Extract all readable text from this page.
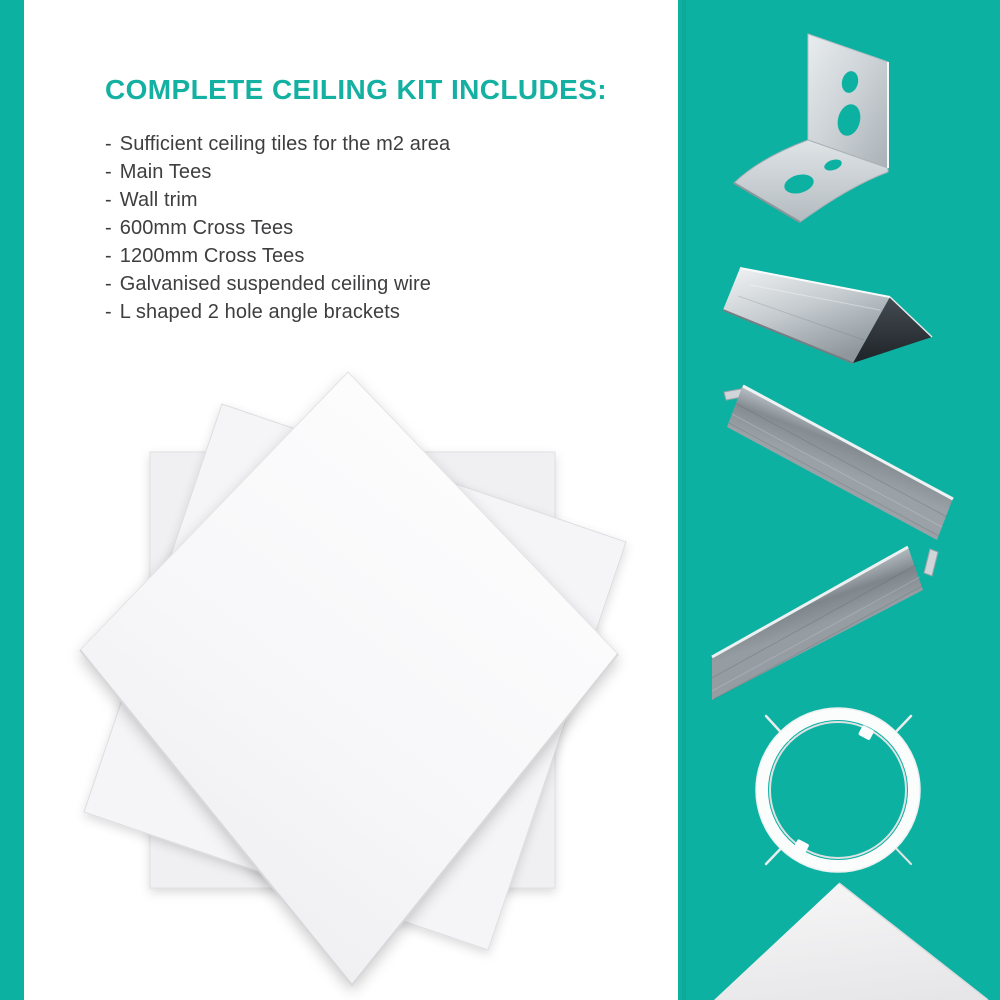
COMPLETE CEILING KIT INCLUDES:
- Sufficient ceiling tiles for the m2 area
- Main Tees
- Wall trim
- 600mm Cross Tees
- 1200mm Cross Tees
- Galvanised suspended ceiling wire
- L shaped 2 hole angle brackets
